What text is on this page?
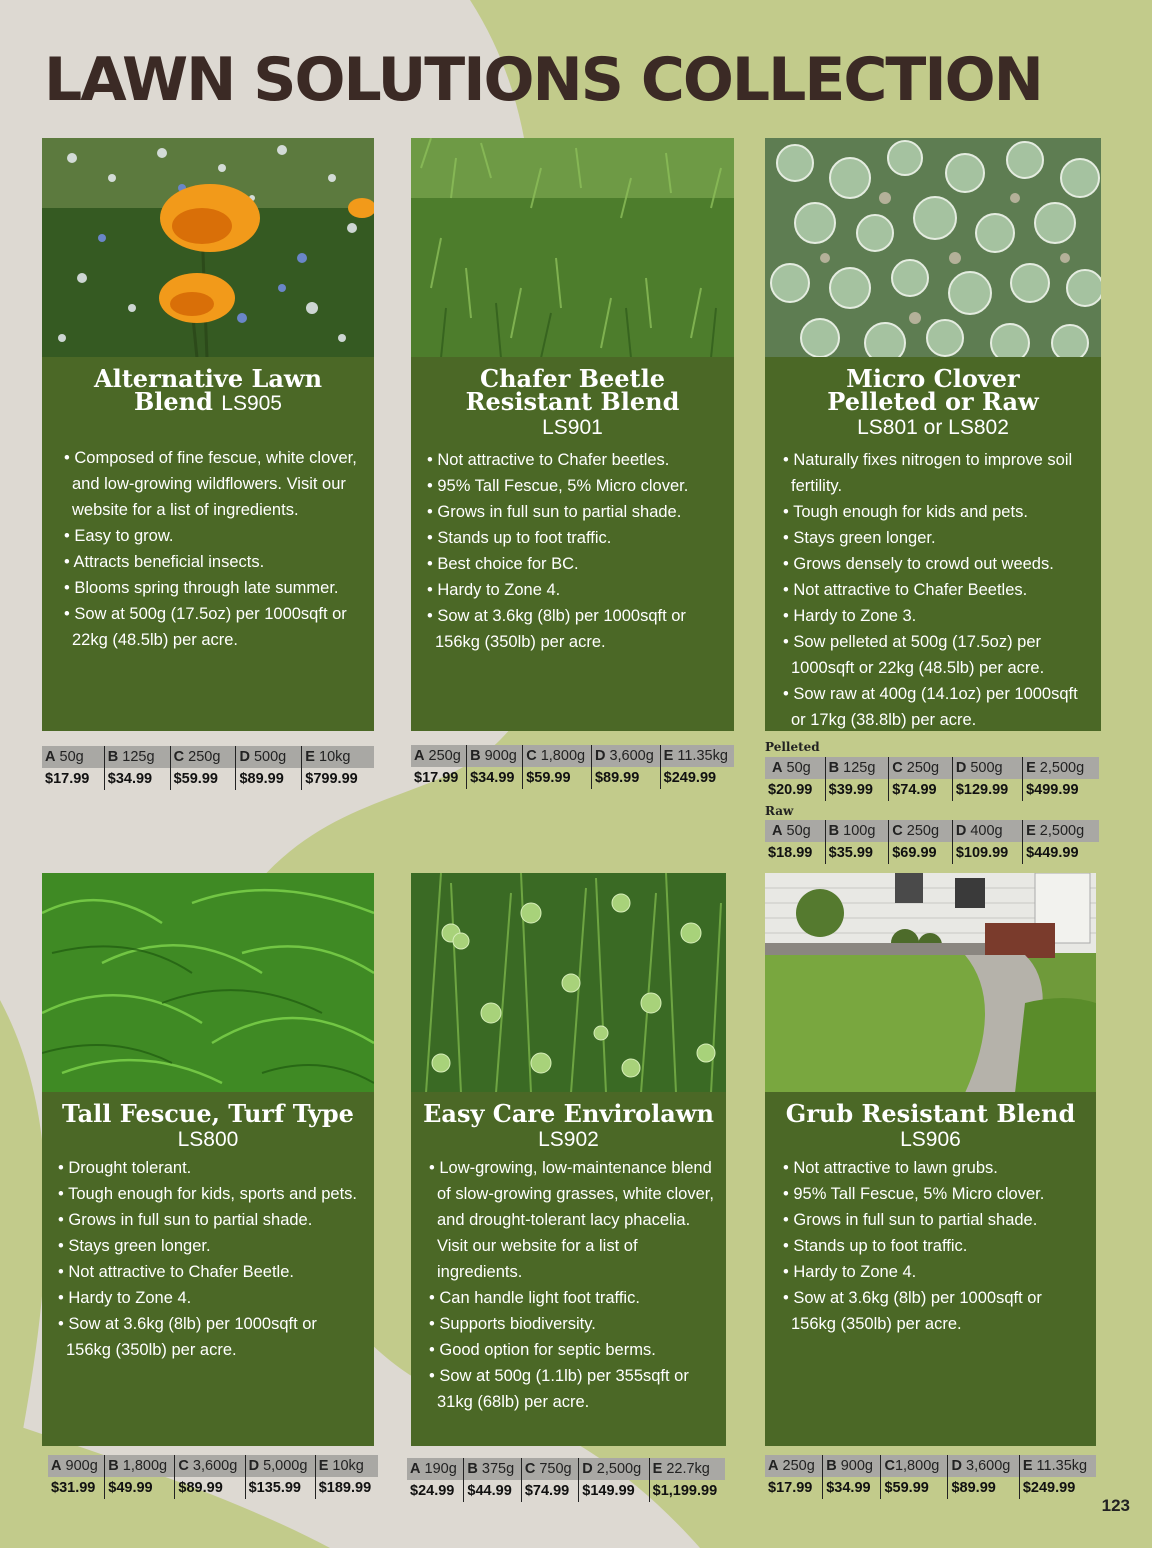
LAWN SOLUTIONS COLLECTION
Alternative Lawn
Blend LS905
• Composed of fine fescue, white clover, and low-growing wildflowers. Visit our website for a list of ingredients.
• Easy to grow.
• Attracts beneficial insects.
• Blooms spring through late summer.
• Sow at 500g (17.5oz) per 1000sqft or 22kg (48.5lb) per acre.
A 50g	B 125g	C 250g	D 500g	E 10kg
$17.99	$34.99	$59.99	$89.99	$799.99
Chafer Beetle
Resistant Blend
LS901
• Not attractive to Chafer beetles.
• 95% Tall Fescue, 5% Micro clover.
• Grows in full sun to partial shade.
• Stands up to foot traffic.
• Best choice for BC.
• Hardy to Zone 4.
• Sow at 3.6kg (8lb) per 1000sqft or 156kg (350lb) per acre.
A 250g	B 900g	C 1,800g	D 3,600g	E 11.35kg
$17.99	$34.99	$59.99	$89.99	$249.99
Micro Clover
Pelleted or Raw
LS801 or LS802
• Naturally fixes nitrogen to improve soil fertility.
• Tough enough for kids and pets.
• Stays green longer.
• Grows densely to crowd out weeds.
• Not attractive to Chafer Beetles.
• Hardy to Zone 3.
• Sow pelleted at 500g (17.5oz) per 1000sqft or 22kg (48.5lb) per acre.
• Sow raw at 400g (14.1oz) per 1000sqft or 17kg (38.8lb) per acre.
Pelleted
A 50g	B 125g	C 250g	D 500g	E 2,500g
$20.99	$39.99	$74.99	$129.99	$499.99
Raw
A 50g	B 100g	C 250g	D 400g	E 2,500g
$18.99	$35.99	$69.99	$109.99	$449.99
Tall Fescue, Turf Type
LS800
• Drought tolerant.
• Tough enough for kids, sports and pets.
• Grows in full sun to partial shade.
• Stays green longer.
• Not attractive to Chafer Beetle.
• Hardy to Zone 4.
• Sow at 3.6kg (8lb) per 1000sqft or 156kg (350lb) per acre.
A 900g	B 1,800g	C 3,600g	D 5,000g	E 10kg
$31.99	$49.99	$89.99	$135.99	$189.99
Easy Care Envirolawn
LS902
• Low-growing, low-maintenance blend of slow-growing grasses, white clover, and drought-tolerant lacy phacelia. Visit our website for a list of ingredients.
• Can handle light foot traffic.
• Supports biodiversity.
• Good option for septic berms.
• Sow at 500g (1.1lb) per 355sqft or 31kg (68lb) per acre.
A 190g	B 375g	C 750g	D 2,500g	E 22.7kg
$24.99	$44.99	$74.99	$149.99	$1,199.99
Grub Resistant Blend
LS906
• Not attractive to lawn grubs.
• 95% Tall Fescue, 5% Micro clover.
• Grows in full sun to partial shade.
• Stands up to foot traffic.
• Hardy to Zone 4.
• Sow at 3.6kg (8lb) per 1000sqft or 156kg (350lb) per acre.
A 250g	B 900g	C1,800g	D 3,600g	E 11.35kg
$17.99	$34.99	$59.99	$89.99	$249.99
123
